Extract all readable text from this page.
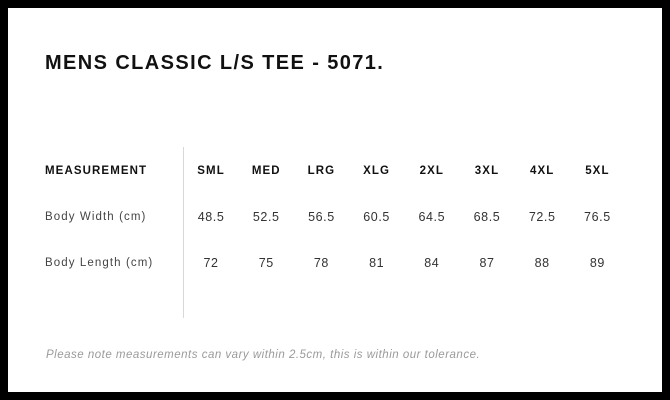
MENS CLASSIC L/S TEE - 5071.
MEASUREMENT	SML	MED	LRG	XLG	2XL	3XL	4XL	5XL
Body Width (cm)	48.5	52.5	56.5	60.5	64.5	68.5	72.5	76.5
Body Length (cm)	72	75	78	81	84	87	88	89
Please note measurements can vary within 2.5cm, this is within our tolerance.
